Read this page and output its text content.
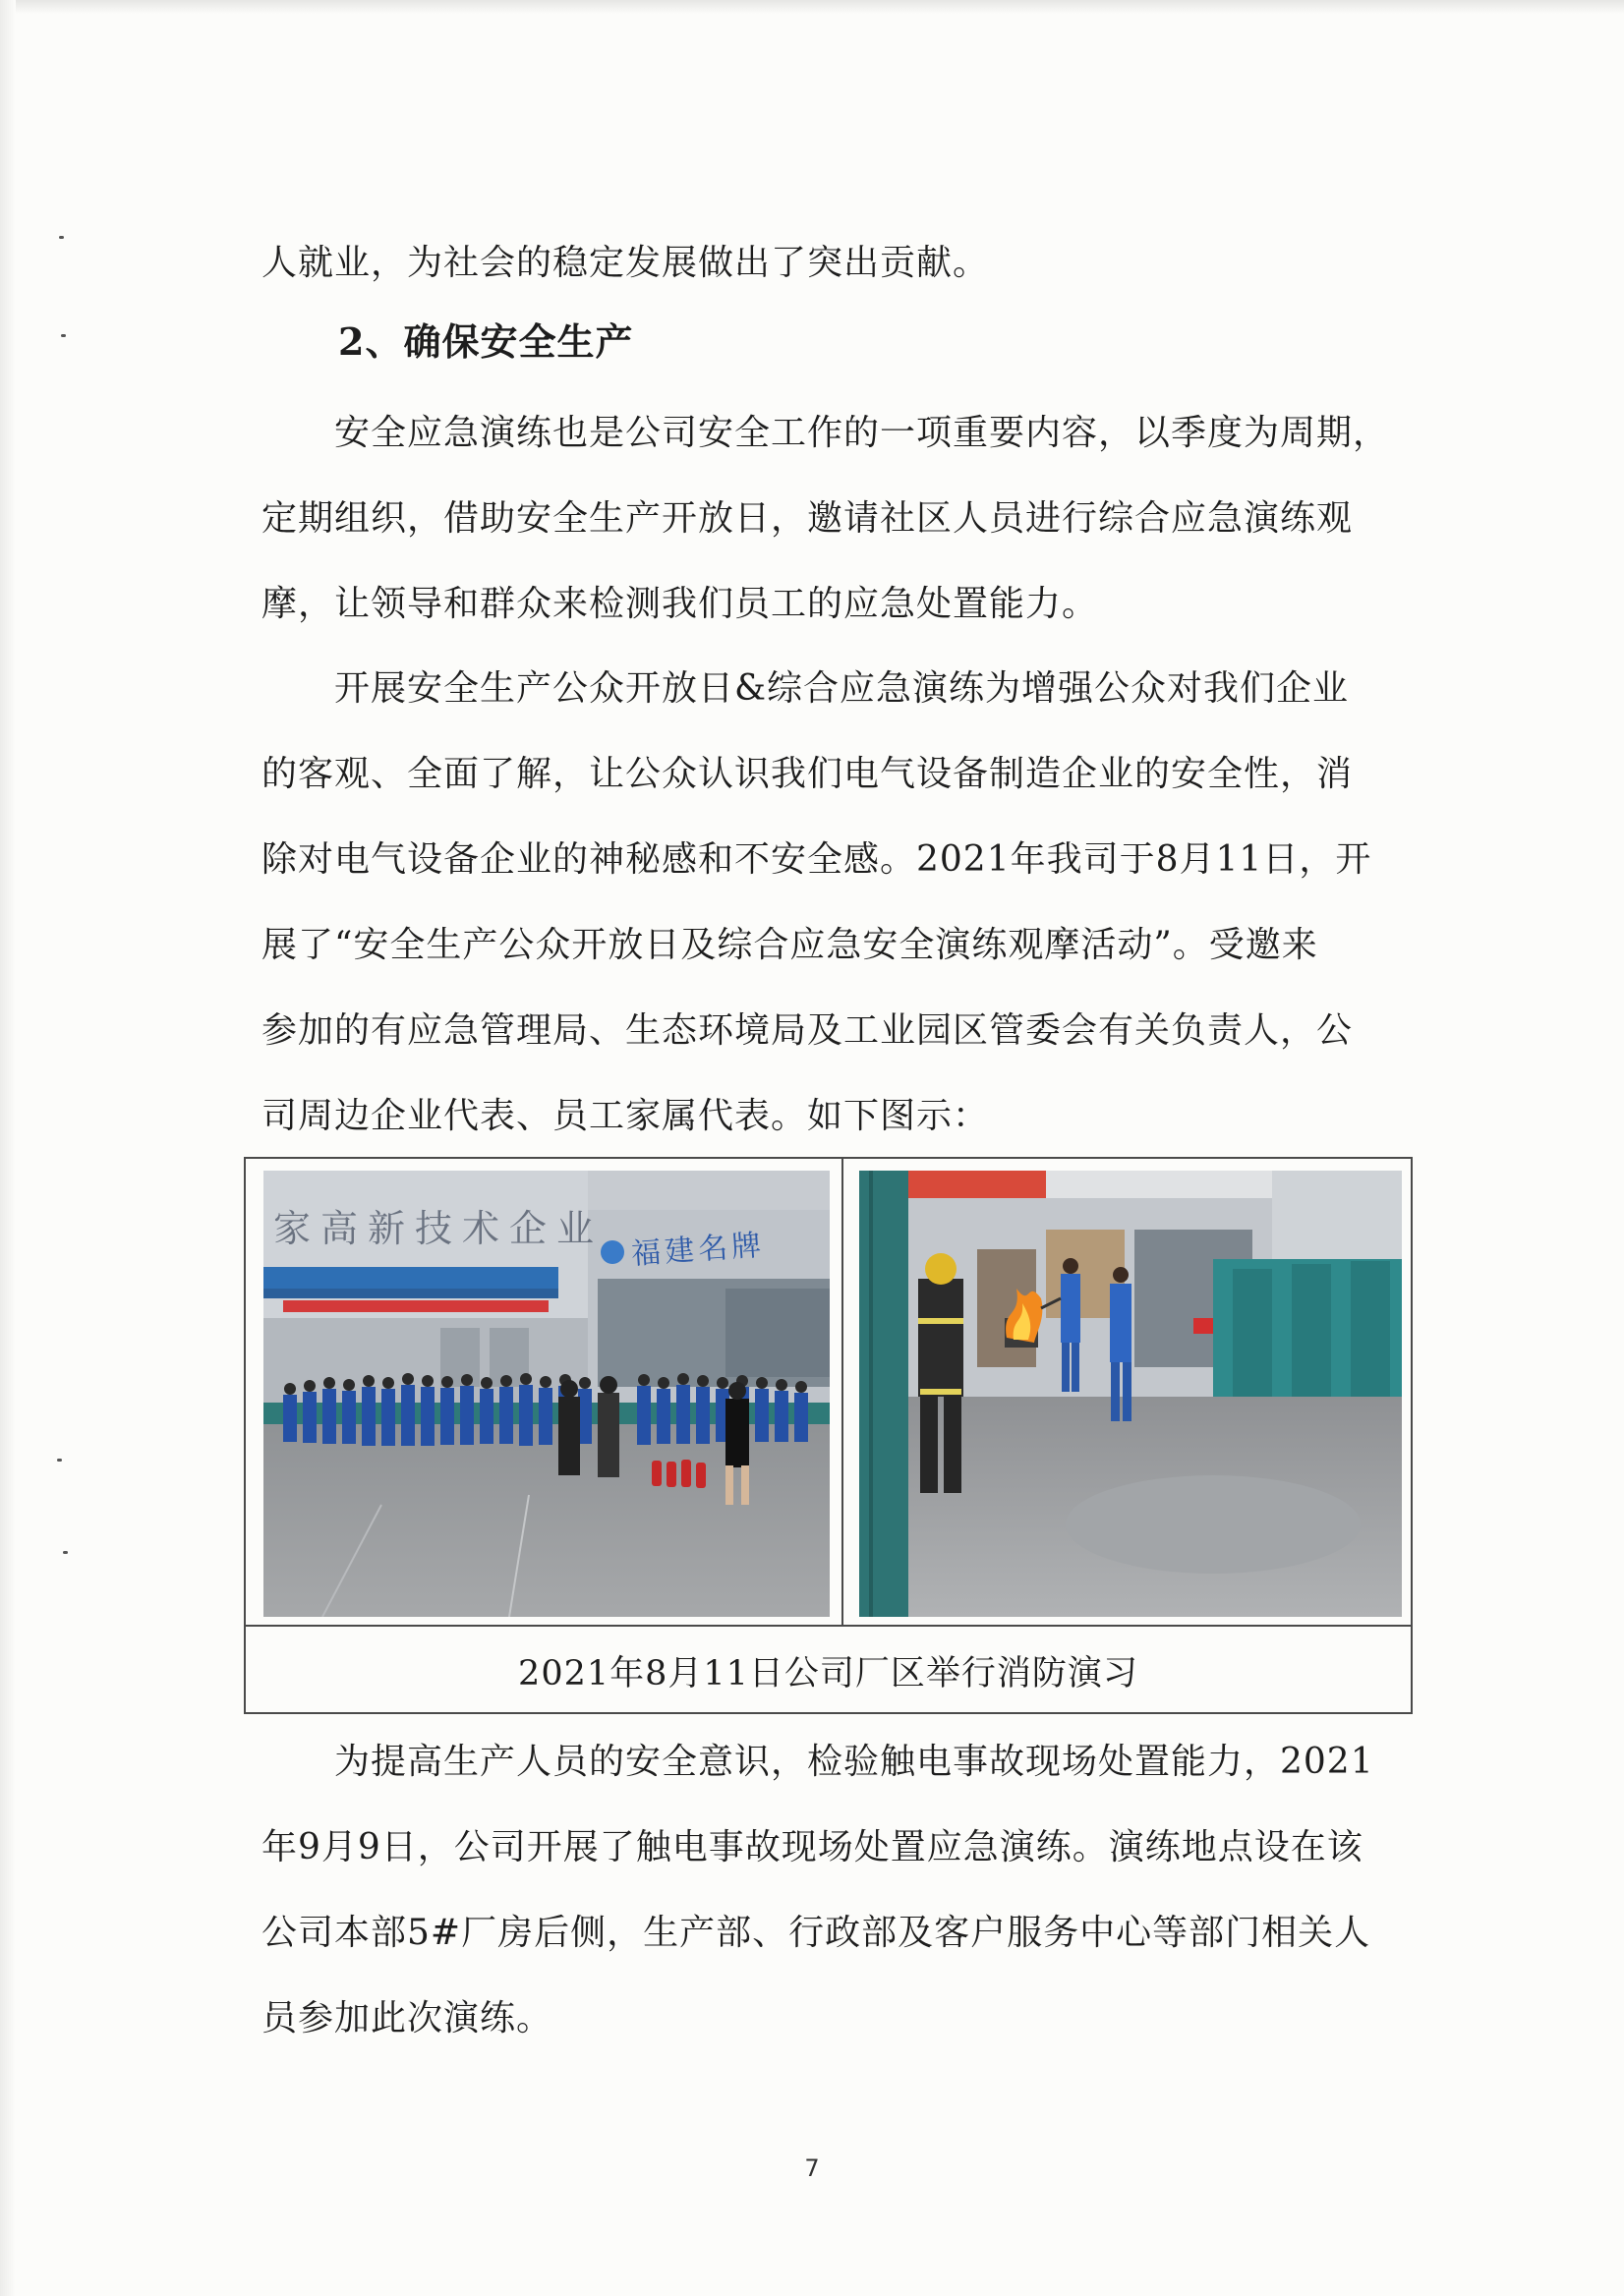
人就业，为社会的稳定发展做出了突出贡献。

2、确保安全生产

　　安全应急演练也是公司安全工作的一项重要内容，以季度为周期，
定期组织，借助安全生产开放日，邀请社区人员进行综合应急演练观
摩，让领导和群众来检测我们员工的应急处置能力。

　　开展安全生产公众开放日&综合应急演练为增强公众对我们企业
的客观、全面了解，让公众认识我们电气设备制造企业的安全性，消
除对电气设备企业的神秘感和不安全感。2021年我司于8月11日，开
展了“安全生产公众开放日及综合应急安全演练观摩活动”。受邀来
参加的有应急管理局、生态环境局及工业园区管委会有关负责人，公
司周边企业代表、员工家属代表。如下图示：

家高新技术企业 福建名牌
2021年8月11日公司厂区举行消防演习

　　为提高生产人员的安全意识，检验触电事故现场处置能力，2021
年9月9日，公司开展了触电事故现场处置应急演练。演练地点设在该
公司本部5#厂房后侧，生产部、行政部及客户服务中心等部门相关人
员参加此次演练。

7
